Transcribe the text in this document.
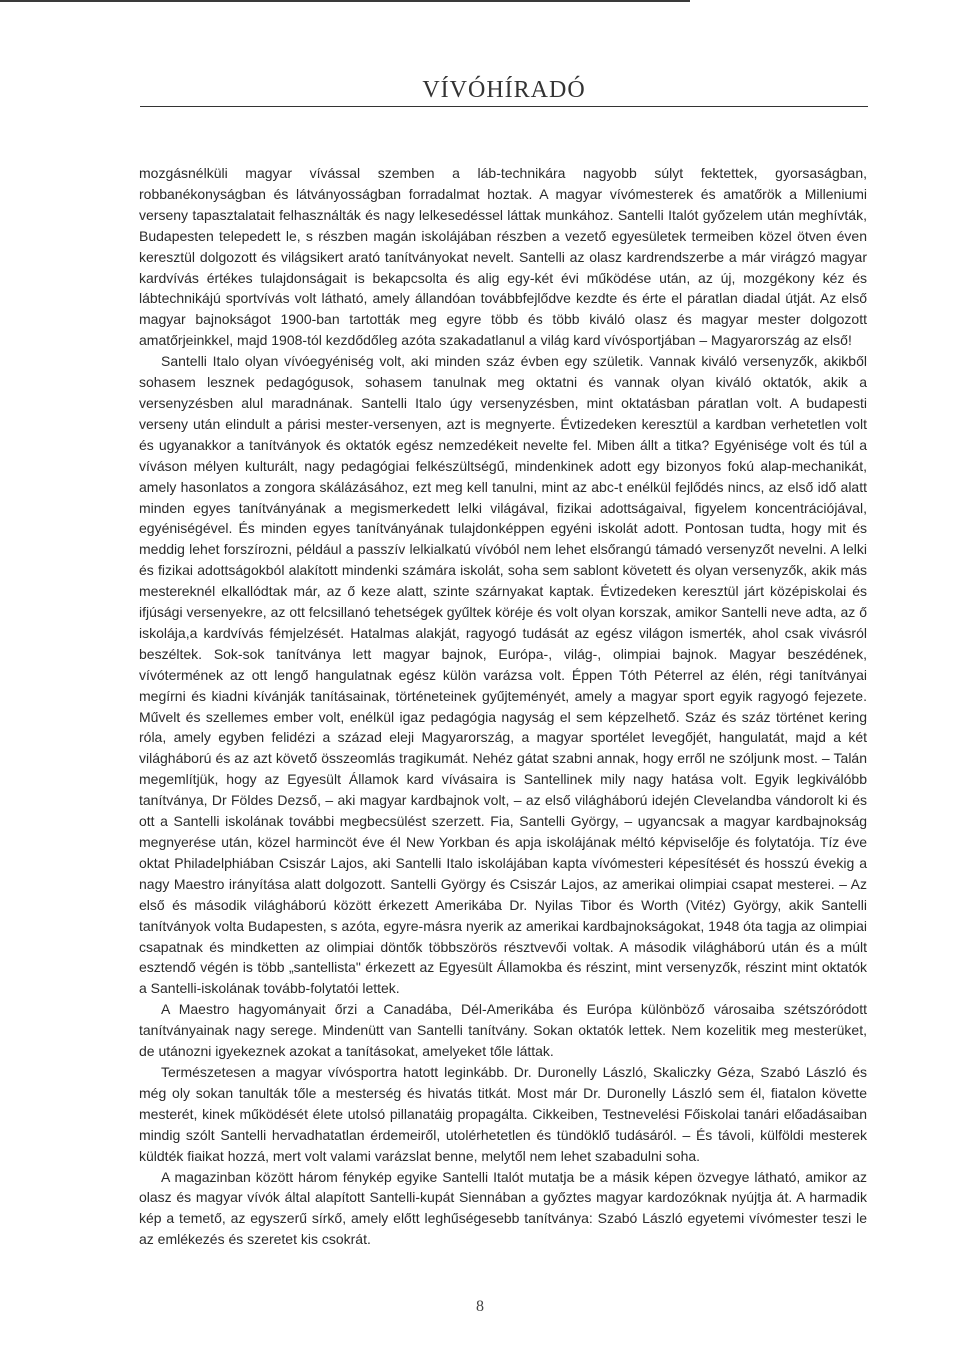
VÍVÓHÍRADÓ

mozgásnélküli magyar vívással szemben a láb-technikára nagyobb súlyt fektettek, gyorsaságban, robbanékonyságban és látványosságban forradalmat hoztak. A magyar vívómesterek és amatőrök a Milleniumi verseny tapasztalatait felhasználták és nagy lelkesedéssel láttak munkához. Santelli Italót győzelem után meghívták, Budapesten telepedett le, s részben magán iskolájában részben a vezető egyesületek termeiben közel ötven éven keresztül dolgozott és világsikert arató tanítványokat nevelt. Santelli az olasz kardrendszerbe a már virágzó magyar kardvívás értékes tulajdonságait is bekapcsolta és alig egy-két évi működése után, az új, mozgékony kéz és lábtechnikájú sportvívás volt látható, amely állandóan továbbfejlődve kezdte és érte el páratlan diadal útját. Az első magyar bajnokságot 1900-ban tartották meg egyre több és több kiváló olasz és magyar mester dolgozott amatőrjeinkkel, majd 1908-tól kezdődőleg azóta szakadatlanul a világ kard vívósportjában – Magyarország az első!

Santelli Italo olyan vívóegyéniség volt, aki minden száz évben egy születik. Vannak kiváló versenyzők, akikből sohasem lesznek pedagógusok, sohasem tanulnak meg oktatni és vannak olyan kiváló oktatók, akik a versenyzésben alul maradnának. Santelli Italo úgy versenyzésben, mint oktatásban páratlan volt. A budapesti verseny után elindult a párisi mester-versenyen, azt is megnyerte. Évtizedeken keresztül a kardban verhetetlen volt és ugyanakkor a tanítványok és oktatók egész nemzedékeit nevelte fel. Miben állt a titka? Egyénisége volt és túl a víváson mélyen kulturált, nagy pedagógiai felkészültségű, mindenkinek adott egy bizonyos fokú alap-mechanikát, amely hasonlatos a zongora skálázásához, ezt meg kell tanulni, mint az abc-t enélkül fejlődés nincs, az első idő alatt minden egyes tanítványának a megismerkedett lelki világával, fizikai adottságaival, figyelem koncentrációjával, egyéniségével. És minden egyes tanítványának tulajdonképpen egyéni iskolát adott. Pontosan tudta, hogy mit és meddig lehet forszírozni, például a passzív lelkialkatú vívóból nem lehet elsőrangú támadó versenyzőt nevelni. A lelki és fizikai adottságokból alakított mindenki számára iskolát, soha sem sablont követett és olyan versenyzők, akik más mestereknél elkallódtak már, az ő keze alatt, szinte szárnyakat kaptak. Évtizedeken keresztül járt középiskolai és ifjúsági versenyekre, az ott felcsillanó tehetségek gyűltek köréje és volt olyan korszak, amikor Santelli neve adta, az ő iskolája,a kardvívás fémjelzését. Hatalmas alakját, ragyogó tudását az egész világon ismerték, ahol csak vivásról beszéltek. Sok-sok tanítványa lett magyar bajnok, Európa-, világ-, olimpiai bajnok. Magyar beszédének, vívótermének az ott lengő hangulatnak egész külön varázsa volt. Éppen Tóth Péterrel az élén, régi tanítványai megírni és kiadni kívánják tanításainak, történeteinek gyűjteményét, amely a magyar sport egyik ragyogó fejezete. Művelt és szellemes ember volt, enélkül igaz pedagógia nagyság el sem képzelhető. Száz és száz történet kering róla, amely egyben felidézi a század eleji Magyarország, a magyar sportélet levegőjét, hangulatát, majd a két világháború és az azt követő összeomlás tragikumát. Nehéz gátat szabni annak, hogy erről ne szóljunk most. – Talán megemlítjük, hogy az Egyesült Államok kard vívásaira is Santellinek mily nagy hatása volt. Egyik legkiválóbb tanítványa, Dr Földes Dezső, – aki magyar kardbajnok volt, – az első világháború idején Clevelandba vándorolt ki és ott a Santelli iskolának további megbecsülést szerzett. Fia, Santelli György, – ugyancsak a magyar kardbajnokság megnyerése után, közel harmincöt éve él New Yorkban és apja iskolájának méltó képviselője és folytatója. Tíz éve oktat Philadelphiában Csiszár Lajos, aki Santelli Italo iskolájában kapta vívómesteri képesítését és hosszú évekig a nagy Maestro irányítása alatt dolgozott. Santelli György és Csiszár Lajos, az amerikai olimpiai csapat mesterei. – Az első és második világháború között érkezett Amerikába Dr. Nyilas Tibor és Worth (Vitéz) György, akik Santelli tanítványok volta Budapesten, s azóta, egyre-másra nyerik az amerikai kardbajnokságokat, 1948 óta tagja az olimpiai csapatnak és mindketten az olimpiai döntők többszörös résztvevői voltak. A második világháború után és a múlt esztendő végén is több „santellista" érkezett az Egyesült Államokba és részint, mint versenyzők, részint mint oktatók a Santelli-iskolának tovább-folytatói lettek.

A Maestro hagyományait őrzi a Canadába, Dél-Amerikába és Európa különböző városaiba szétszóródott tanítványainak nagy serege. Mindenütt van Santelli tanítvány. Sokan oktatók lettek. Nem kozelitik meg mesterüket, de utánozni igyekeznek azokat a tanításokat, amelyeket tőle láttak.

Természetesen a magyar vívósportra hatott leginkább. Dr. Duronelly László, Skaliczky Géza, Szabó László és még oly sokan tanulták tőle a mesterség és hivatás titkát. Most már Dr. Duronelly László sem él, fiatalon követte mesterét, kinek működését élete utolsó pillanatáig propagálta. Cikkeiben, Testnevelési Főiskolai tanári előadásaiban mindig szólt Santelli hervadhatatlan érdemeiről, utolérhetetlen és tündöklő tudásáról. – És távoli, külföldi mesterek küldték fiaikat hozzá, mert volt valami varázslat benne, melytől nem lehet szabadulni soha.

A magazinban között három fénykép egyike Santelli Italót mutatja be a másik képen özvegye látható, amikor az olasz és magyar vívók által alapított Santelli-kupát Siennában a győztes magyar kardozóknak nyújtja át. A harmadik kép a temető, az egyszerű sírkő, amely előtt leghűségesebb tanítványa: Szabó László egyetemi vívómester teszi le az emlékezés és szeretet kis csokrát.

8
